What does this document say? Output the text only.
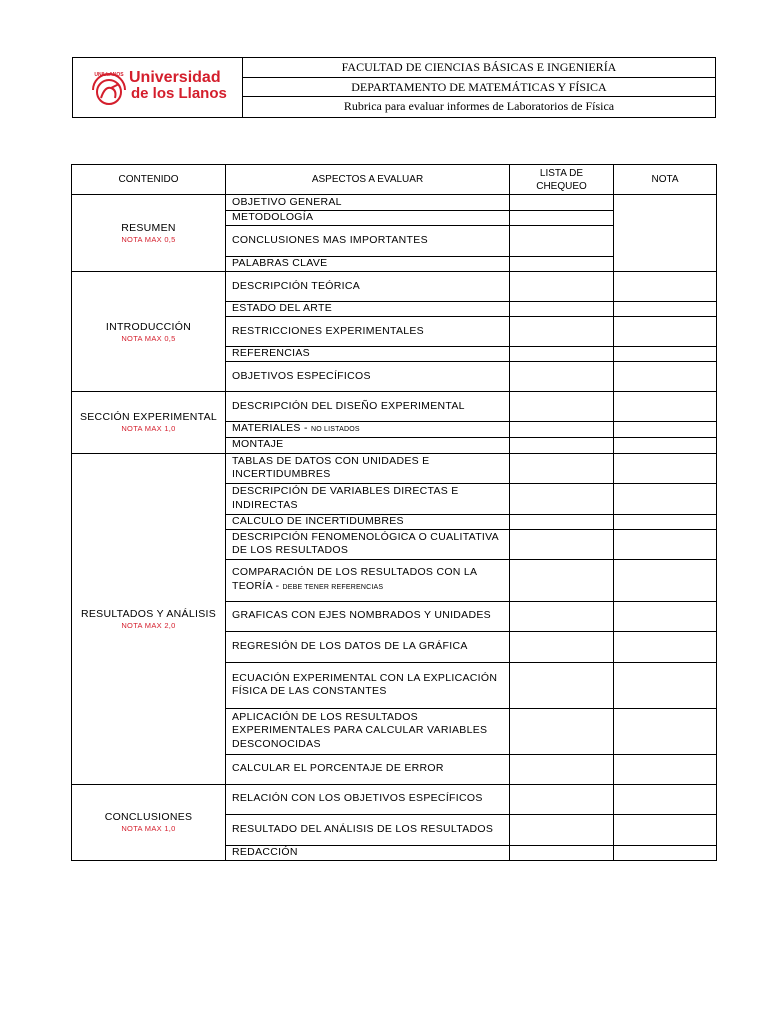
UNILLANOS Universidad
de los Llanos
FACULTAD DE CIENCIAS BÁSICAS E INGENIERÍA
DEPARTAMENTO DE MATEMÁTICAS Y FÍSICA
Rubrica para evaluar informes de Laboratorios de Física
CONTENIDO	ASPECTOS A EVALUAR	LISTA DE CHEQUEO	NOTA

RESUMEN
NOTA MAX 0,5	OBJETIVO GENERAL		
	METODOLOGÍA		
	CONCLUSIONES MAS IMPORTANTES		
	PALABRAS CLAVE		

INTRODUCCIÓN
NOTA MAX 0,5	DESCRIPCIÓN TEÓRICA		
	ESTADO DEL ARTE		
	RESTRICCIONES EXPERIMENTALES		
	REFERENCIAS		
	OBJETIVOS ESPECÍFICOS		

SECCIÓN EXPERIMENTAL
NOTA MAX 1,0	DESCRIPCIÓN DEL DISEÑO EXPERIMENTAL		
	MATERIALES - NO LISTADOS		
	MONTAJE		

RESULTADOS Y ANÁLISIS
NOTA MAX 2,0	TABLAS DE DATOS CON UNIDADES E INCERTIDUMBRES		
	DESCRIPCIÓN DE VARIABLES DIRECTAS E INDIRECTAS		
	CALCULO DE INCERTIDUMBRES		
	DESCRIPCIÓN FENOMENOLÓGICA O CUALITATIVA DE LOS RESULTADOS		
	COMPARACIÓN DE LOS RESULTADOS CON LA TEORÍA - DEBE TENER REFERENCIAS		
	GRAFICAS CON EJES NOMBRADOS Y UNIDADES		
	REGRESIÓN DE LOS DATOS DE LA GRÁFICA		
	ECUACIÓN EXPERIMENTAL CON LA EXPLICACIÓN FÍSICA DE LAS CONSTANTES		
	APLICACIÓN DE LOS RESULTADOS EXPERIMENTALES PARA CALCULAR VARIABLES DESCONOCIDAS		
	CALCULAR EL PORCENTAJE DE ERROR		

CONCLUSIONES
NOTA MAX 1,0	RELACIÓN CON LOS OBJETIVOS ESPECÍFICOS		
	RESULTADO DEL ANÁLISIS DE LOS RESULTADOS		
	REDACCIÓN		
